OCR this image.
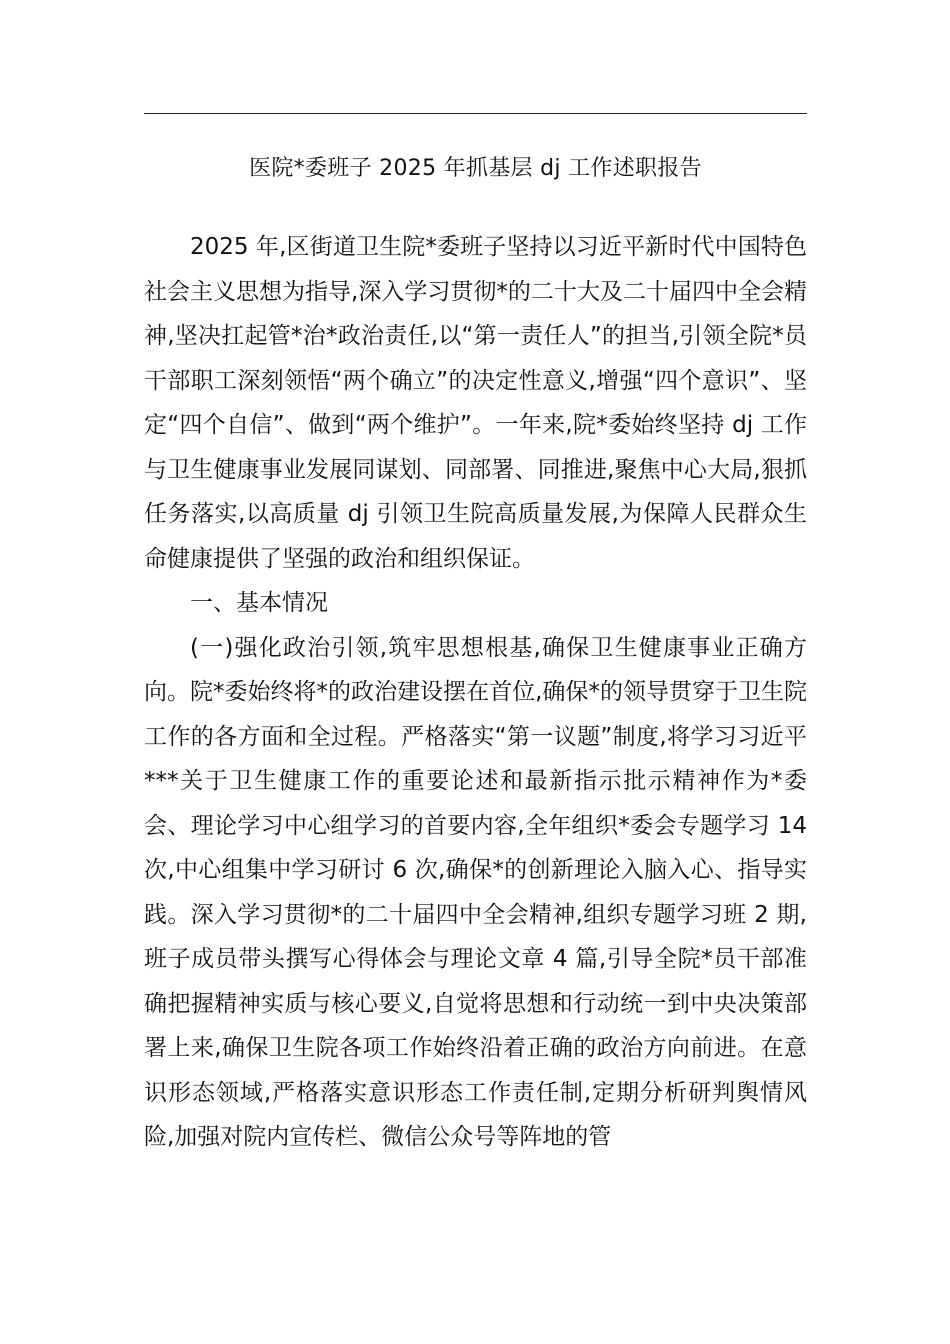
医院*委班子 2025 年抓基层 dj 工作述职报告

2025 年,区街道卫生院*委班子坚持以习近平新时代中国特色社会主义思想为指导,深入学习贯彻*的二十大及二十届四中全会精神,坚决扛起管*治*政治责任,以“第一责任人”的担当,引领全院*员干部职工深刻领悟“两个确立”的决定性意义,增强“四个意识”、坚定“四个自信”、做到“两个维护”。一年来,院*委始终坚持 dj 工作与卫生健康事业发展同谋划、同部署、同推进,聚焦中心大局,狠抓任务落实,以高质量 dj 引领卫生院高质量发展,为保障人民群众生命健康提供了坚强的政治和组织保证。

一、基本情况

(一)强化政治引领,筑牢思想根基,确保卫生健康事业正确方向。院*委始终将*的政治建设摆在首位,确保*的领导贯穿于卫生院工作的各方面和全过程。严格落实“第一议题”制度,将学习习近平***关于卫生健康工作的重要论述和最新指示批示精神作为*委会、理论学习中心组学习的首要内容,全年组织*委会专题学习 14 次,中心组集中学习研讨 6 次,确保*的创新理论入脑入心、指导实践。深入学习贯彻*的二十届四中全会精神,组织专题学习班 2 期,班子成员带头撰写心得体会与理论文章 4 篇,引导全院*员干部准确把握精神实质与核心要义,自觉将思想和行动统一到中央决策部署上来,确保卫生院各项工作始终沿着正确的政治方向前进。在意识形态领域,严格落实意识形态工作责任制,定期分析研判舆情风险,加强对院内宣传栏、微信公众号等阵地的管
